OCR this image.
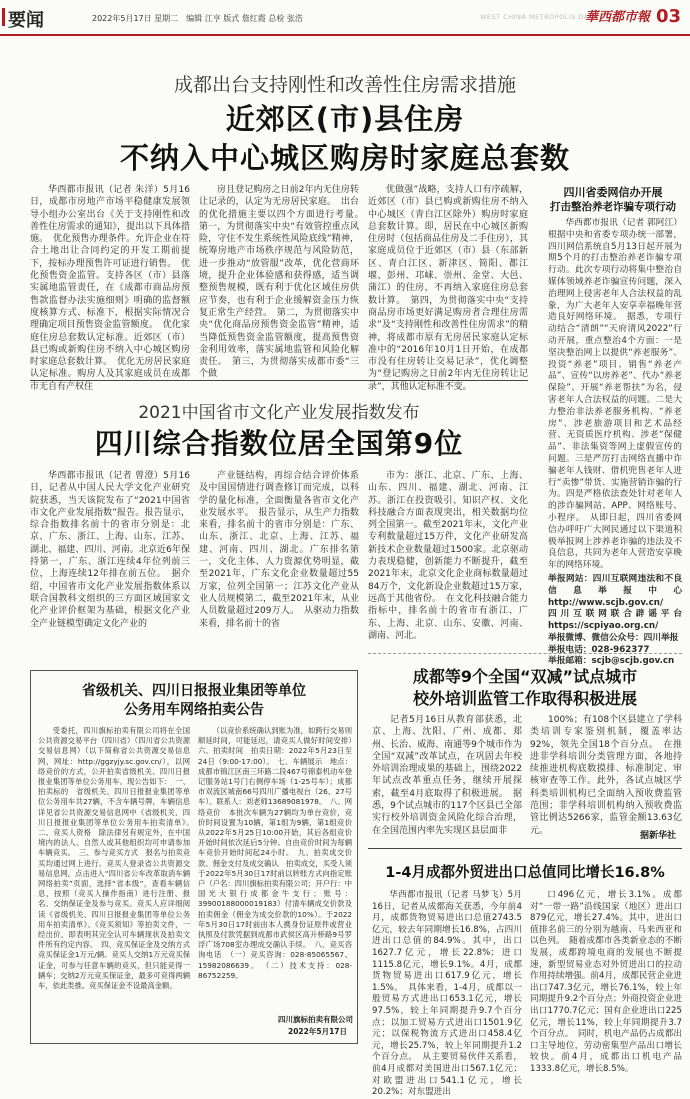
要闻	2022年5月17日 星期二　编辑 江亨 版式 詹红霞 总检 张浩	WEST CHINA METROPOLIS DAILY
華西都市報 03
成都出台支持刚性和改善性住房需求措施
近郊区(市)县住房
不纳入中心城区购房时家庭总套数

华西都市报讯（记者 朱洋）5月16日，成都市房地产市场平稳健康发展领导小组办公室出台《关于支持刚性和改善性住房需求的通知》，提出以下具体措施。　优化预售办理条件。允许企业在符合土地出让合同约定的开发工期前提下，按标办理预售许可证进行销售。　优化预售资金监管。支持各区（市）县落实属地监管责任，在《成都市商品房预售款监督办法实施细则》明确的监督额度核算方式、标准下，根据实际情况合理确定项目预售资金监管额度。　优化家庭住房总套数认定标准。近郊区（市）县已购或新购住房不纳入中心城区购房时家庭总套数计算。　优化无房居民家庭认定标准。购房人及其家庭成员在成都市无自有产权住

房且登记购房之日前2年内无住房转让记录的，认定为无房居民家庭。　出台的优化措施主要以四个方面进行考量。　第一，为贯彻落实中央“有效管控重点风险，守住不发生系统性风险底线”精神，统筹房地产市场秩序规范与风险防范，进一步推动“放管服”改革，优化营商环境，提升企业体验感和获得感，适当调整预售规模，既有利于优化区域住房供应节奏，也有利于企业缓解资金压力恢复正常生产经营。　第二，为贯彻落实中央“优化商品房预售资金监管”精神，适当降低预售资金监管额度，提高预售资金利用效率，落实属地监管和风险化解责任。　第三，为贯彻落实成都市委“三个做

优做强”战略，支持人口有序疏解，近郊区（市）县已购或新购住房不纳入中心城区（青白江区除外）购房时家庭总套数计算。即，居民在中心城区新购住房时（包括商品住房及二手住房），其家庭成员位于近郊区（市）县（东部新区、青白江区、新津区、简阳、都江堰、彭州、邛崃、崇州、金堂、大邑、蒲江）的住房，不再纳入家庭住房总套数计算。　第四，为贯彻落实中央“支持商品房市场更好满足购房者合理住房需求”及“支持刚性和改善性住房需求”的精神，将成都市原有无房居民家庭认定标准中的“2016年10月1日开始，在成都市没有住房转让交易记录”，优化调整为“登记购房之日前2年内无住房转让记录”，其他认定标准不变。

四川省委网信办开展
打击整治养老诈骗专项行动

华西都市报讯（记者 郭阿江）根据中央和省委专项办统一部署，四川网信系统自5月13日起开展为期5个月的打击整治养老诈骗专项行动。此次专项行动将集中整治自媒体领域养老诈骗宣传问题，深入治理网上侵害老年人合法权益的乱象，为广大老年人安享幸福晚年营造良好网络环境。　据悉，专项行动结合“清朗”“天府清风2022”行动开展，重点整治4个方面：一是坚决整治网上以提供“养老服务”、投资“养老”项目、销售“养老产品”、宣传“以房养老”、代办“养老保险”、开展“养老帮扶”为名，侵害老年人合法权益的问题。二是大力整治非法养老服务机构、“养老房”、涉老旅游项目和艺术品经营、无资质医疗机构、涉老“保健品”、非法集资等网上虚假宣传的问题。三是严厉打击网络直播中诈骗老年人钱财、借机兜售老年人进行“卖惨”带货、实施营销诈骗的行为。四是严格依法查处针对老年人的涉诈骗网站、APP、网络账号、小程序。　从即日起，四川省委网信办呼吁广大网民通过以下渠道积极举报网上涉养老诈骗的违法及不良信息，共同为老年人营造安享晚年的网络环境。

举报网站：四川互联网违法和不良信息举报中心 http://www.scjb.gov.cn/
四川互联网联合辟谣平台 https://scpiyao.org.cn/
举报微博、微信公众号：四川举报
举报电话：028-962377
举报邮箱：scjb@scjb.gov.cn
2021中国省市文化产业发展指数发布
四川综合指数位居全国第9位

华西都市报讯（记者 曾澄）5月16日，记者从中国人民大学文化产业研究院获悉，当天该院发布了“2021中国省市文化产业发展指数”报告。报告显示，综合指数排名前十的省市分别是：北京、广东、浙江、上海、山东、江苏、湖北、福建、四川、河南。北京近6年保持第一，广东、浙江连续4年位列前三位，上海连续12年排在前五位。　据介绍，中国省市文化产业发展指数体系以联合国教科文组织的三方面区域国家文化产业评价框架为基础，根据文化产业全产业链模型确定文化产业的

产业链结构，再综合结合评价体系及中国国情进行调查修订而完成，以科学的量化标准，全面衡量各省市文化产业发展水平。　报告显示，从生产力指数来看，排名前十的省市分别是：广东、山东、浙江、北京、上海、江苏、福建、河南、四川、湖北。广东排名第一，文化主体、人力资源优势明显，截至2021年，广东文化企业数量超过55万家，位列全国第一；江苏文化产业从业人员规模第二，截至2021年末，从业人员数量超过209万人。　从驱动力指数来看，排名前十的省

市为：浙江、北京、广东、上海、山东、四川、福建、湖北、河南、江苏。浙江在投资吸引、知识产权、文化科技融合方面表现突出，相关数据均位列全国第一。截至2021年末，文化产业专利数量超过15万件，文化产业研发高新技术企业数量超过1500家。北京驱动力表现稳健，创新能力不断提升，截至2021年末，北京文化企业商标数量超过84万个，文化新设企业数超过15万家，远高于其他省份。　在文化科技融合能力指标中，排名前十的省市有浙江、广东、上海、北京、山东、安徽、河南、湖南、河北。

省级机关、四川日报报业集团等单位
公务用车网络拍卖公告

受委托，四川旗标拍卖有限公司将在全国公共资源交易平台（四川省）（四川省公共资源交易信息网）（以下简称省公共资源交易信息网，网址：http://ggzyjy.sc.gov.cn/），以网络竞价的方式，公开拍卖省级机关、四川日报报业集团等单位公务用车。现公告如下：　一、拍卖标的　省级机关、四川日报报业集团等单位公务用车共27辆，不含车辆号牌，车辆信息详见省公共资源交易信息网中《省级机关、四川日报报业集团等单位公务用车拍卖清单》。　二、竞买人资格　除法律另有规定外，在中国境内的法人、自然人或其他组织均可申请参加车辆竞买。　三、参与竞买方式　报名与拍卖竞买均通过网上进行。竞买人登录省公共资源交易信息网，点击进入“四川省公车改革取消车辆网络拍卖”页面，选择“省本级”，查看车辆信息，按照（竞买人操作指南）进行注册、报名、交纳保证金及参与竞买。竞买人应详细阅读《省级机关、四川日报报业集团等单位公务用车拍卖清单》、《竞买须知》等拍卖文件，一经出价，即表明其完全认可车辆现状及拍卖文件所有约定内容。　四、竞买保证金及交纳方式　竞买保证金1万元/辆。竞买人交纳1万元竞买保证金，可参与任意车辆的竞买，但只能竞得一辆车；交纳2万元竞买保证金，最多可竞得两辆车，依此类推。竞买保证金不设最高金额。

（以竞价系统确认到账为准，如跨行交易则顺延时间，可能延迟，请竞买人做好时间安排）　六、拍卖时间　拍卖日期：2022年5月23日至24日（9:00-17:00）。　七、车辆展示　地点：成都市锦江区南三环路二段467号锦泰机动车登记服务站1号门右侧停车场（1-25号车）；成都市双流区城南66号四川广播电视台（26、27号车）。联系人：刘老师13689081978。　八、网络竞价　本批次车辆为27辆均为单台竞价，竞价时间设置为10辆，第1组为9辆，第1组竞价从2022年5月25日10:00开始，其后各组竞价开始时间依次延后5分钟。自由竞价时间为每辆车竞价开始时间起24小时。　九、拍卖成交价款、佣金支付及成交确认　拍卖成交，买受人须于2022年5月30日17时前以转账方式向指定账户（户名：四川旗标拍卖有限公司；开户行：中国光大银行成都金牛支行；账号：39900188000019183）付清车辆成交价款及拍卖佣金（佣金为成交价款的10%）。于2022年5月30日17时前由本人携身份证原件或营业执照及付款凭据到成都市武侯区高升桥路9号罗浮广场708室办理成交确认手续。　八、竞买咨询电话　（一）竞买咨询：028-85065567、15982086639。　（二）技术支持：028-86752259。

四川旗标拍卖有限公司
2022年5月17日
成都等9个全国“双减”试点城市
校外培训监管工作取得积极进展

记者5月16日从教育部获悉，北京、上海、沈阳、广州、成都、郑州、长治、威海、南通等9个城市作为全国“双减”改革试点，在巩固去年校外培训治理成果的基础上，围绕2022年试点改革重点任务，继续开展探索，截至4月底取得了积极进展。　据悉，9个试点城市的117个区县已全部实行校外培训资金风险化综合治理，在全国范围内率先实现区县层面非

100%；有108个区县建立了学科类培训专家鉴别机制，覆盖率达92%，领先全国18个百分点。　在推进非学科培训分类管理方面，各地持续推进机构底数摸排、标准制定、审核审查等工作。此外，各试点城区学科类培训机构已全面纳入预收费监管范围；非学科培训机构纳入预收费监管比例达5266家，监管金额13.63亿元。

据新华社
1-4月成都外贸进出口总值同比增长16.8%

华西都市报讯（记者 马梦飞）5月16日，记者从成都海关获悉，今年前4月，成都货物贸易进出口总值2743.5亿元，较去年同期增长16.8%，占四川进出口总值的84.9%。其中，出口1627.7亿元，增长22.8%；进口1115.8亿元，增长9.1%。4月，成都货物贸易进出口617.9亿元，增长1.5%。　具体来看，1-4月，成都以一般贸易方式进出口653.1亿元，增长97.5%，较上年同期提升9.7个百分点；以加工贸易方式进出口1501.9亿元；以保税物流方式进出口458.4亿元，增长25.7%，较上年同期提升1.2个百分点。　从主要贸易伙伴关系看，前4月成都对美国进出口567.1亿元；对欧盟进出口541.1亿元，增长20.2%；对东盟进出

口496亿元，增长3.1%。成都对“一带一路”沿线国家（地区）进出口879亿元，增长27.4%。其中，进出口值排名前三的分别为越南、马来西亚和以色列。　随着成都市各类新业态的不断发展，成都跨境电商的发展也不断提速，新型贸易业态对外贸进出口的拉动作用持续增强。前4月，成都民营企业进出口747.3亿元，增长76.1%，较上年同期提升9.2个百分点；外商投资企业进出口1770.7亿元；国有企业进出口225亿元，增长11%，较上年同期提升3.7个百分点。　同时，机电产品仍占成都出口主导地位，劳动密集型产品出口增长较快。前4月，成都出口机电产品1333.8亿元，增长8.5%。
